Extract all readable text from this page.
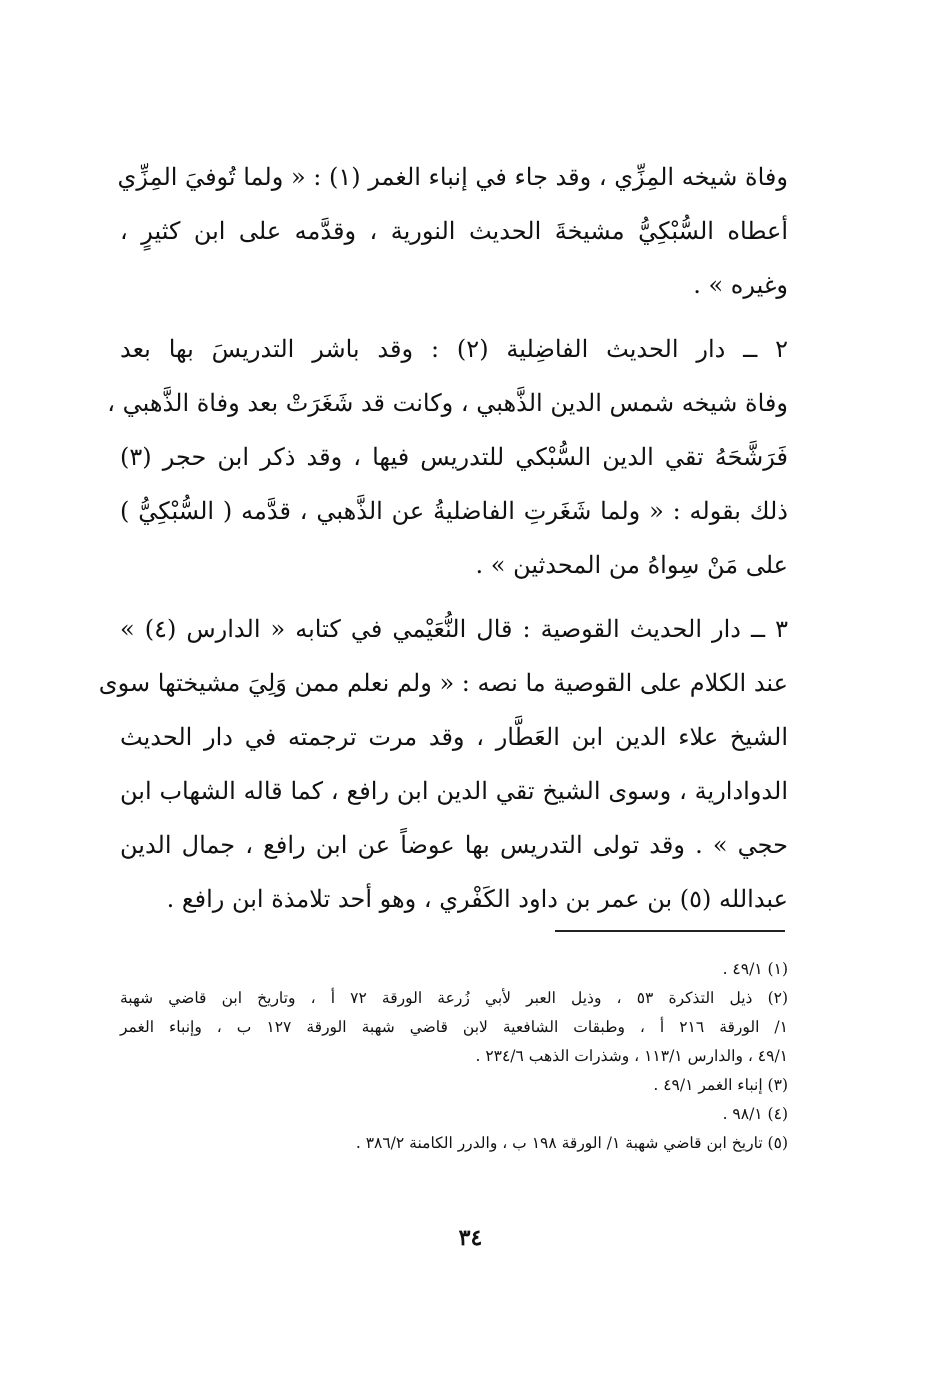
وفاة شيخه المِزِّي ، وقد جاء في إنباء الغمر (١) : « ولما تُوفيَ المِزِّي
أعطاه السُّبْكِيُّ مشيخةَ الحديث النورية ، وقدَّمه على ابن كثيرٍ ،
وغيره » .

٢ ــ دار الحديث الفاضِلية (٢) : وقد باشر التدريسَ بها بعد
وفاة شيخه شمس الدين الذَّهبي ، وكانت قد شَغَرَتْ بعد وفاة الذَّهبي ،
فَرَشَّحَهُ تقي الدين السُّبْكي للتدريس فيها ، وقد ذكر ابن حجر (٣)
ذلك بقوله : « ولما شَغَرتِ الفاضليةُ عن الذَّهبي ، قدَّمه ( السُّبْكِيُّ )
على مَنْ سِواهُ من المحدثين » .

٣ ــ دار الحديث القوصية : قال النُّعَيْمي في كتابه « الدارس (٤) »
عند الكلام على القوصية ما نصه : « ولم نعلم ممن وَلِيَ مشيختها سوى
الشيخ علاء الدين ابن العَطَّار ، وقد مرت ترجمته في دار الحديث
الدوادارية ، وسوى الشيخ تقي الدين ابن رافع ، كما قاله الشهاب ابن
حجي » . وقد تولى التدريس بها عوضاً عن ابن رافع ، جمال الدين
عبدالله (٥) بن عمر بن داود الكَفْري ، وهو أحد تلامذة ابن رافع .

(١) ٤٩/١ .
(٢) ذيل التذكرة ٥٣ ، وذيل العبر لأبي زُرعة الورقة ٧٢ أ ، وتاريخ ابن قاضي شهبة
١/ الورقة ٢١٦ أ ، وطبقات الشافعية لابن قاضي شهبة الورقة ١٢٧ ب ، وإنباء الغمر
٤٩/١ ، والدارس ١١٣/١ ، وشذرات الذهب ٢٣٤/٦ .
(٣) إنباء الغمر ٤٩/١ .
(٤) ٩٨/١ .
(٥) تاريخ ابن قاضي شهبة ١/ الورقة ١٩٨ ب ، والدرر الكامنة ٣٨٦/٢ .
٣٤
